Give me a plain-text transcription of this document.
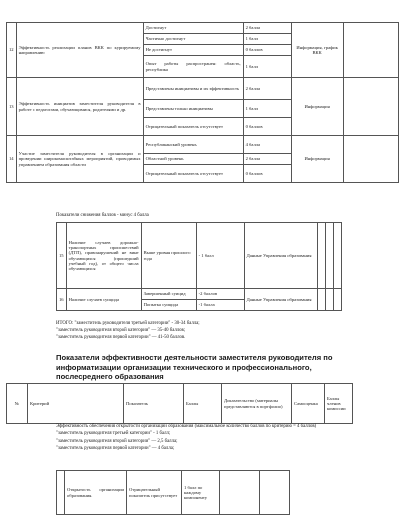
12	Эффективность реализации планов ВКК по курируемому направлению	Достигнут	2 балла	Информация, график ВКК	
		Частично достигнут	1 балл		
		Не достигнут	0 баллов		
		Опыт работы распространен: область, республика	1 балл		
13	Эффективность инициатив заместителя руководителя в работе с педагогами, обучающимися, родителями и др.	Представлены инициативы и их эффективность	2 балла	Информация	
		Представлены только инициативы	1 балл		
		Отрицательный показатель отсутствует	0 баллов		
14	Участие заместителя руководителя в организации и проведении широкомасштабных мероприятий, проводимых управлением образования области	Республиканский уровень	4 балла	Информация	
		Областной уровень	2 балла		
		Отрицательный показатель отсутствует	0 баллов		
Показатели снижения баллов - минус 4 балла
15	Наличие случаев дорожно-транспортных происшествий (ДТП), правонарушений не вине обучающихся (прошедший учебный год), от общего числа обучающихся	Выше уровня прошлого года	- 1 балл	Данные Управления образования			
16	Наличие случаев суицида	Завершенный суицид	-2 баллов	Данные Управления образования			
		Попытка суицида	-1 балла				
ИТОГО: "заместитель руководителя третьей категории" - 30-34 балла;
"заместитель руководителя второй категории" — 35-40 баллов;
"заместитель руководителя первой категории" — 41-50 баллов.
Показатели эффективности деятельности заместителя руководителя по информатизации организации технического и профессионального, послесреднего образования
№	Критерий	Показатель	Баллы	Доказательство (материалы представляются в портфолио)	Самооценка	Баллы членов комиссии
Эффективность обеспечения открытости организации образования (максимальное количество баллов по критерию = 4 баллов)
"заместитель руководителя третьей категории" - 1 балл;
"заместитель руководителя второй категории" — 2,5 балла;
"заместитель руководителя первой категории" — 4 балла;
	Открытость организации образования.	Отрицательный показатель присутствует	1 балл по каждому компоненту		
